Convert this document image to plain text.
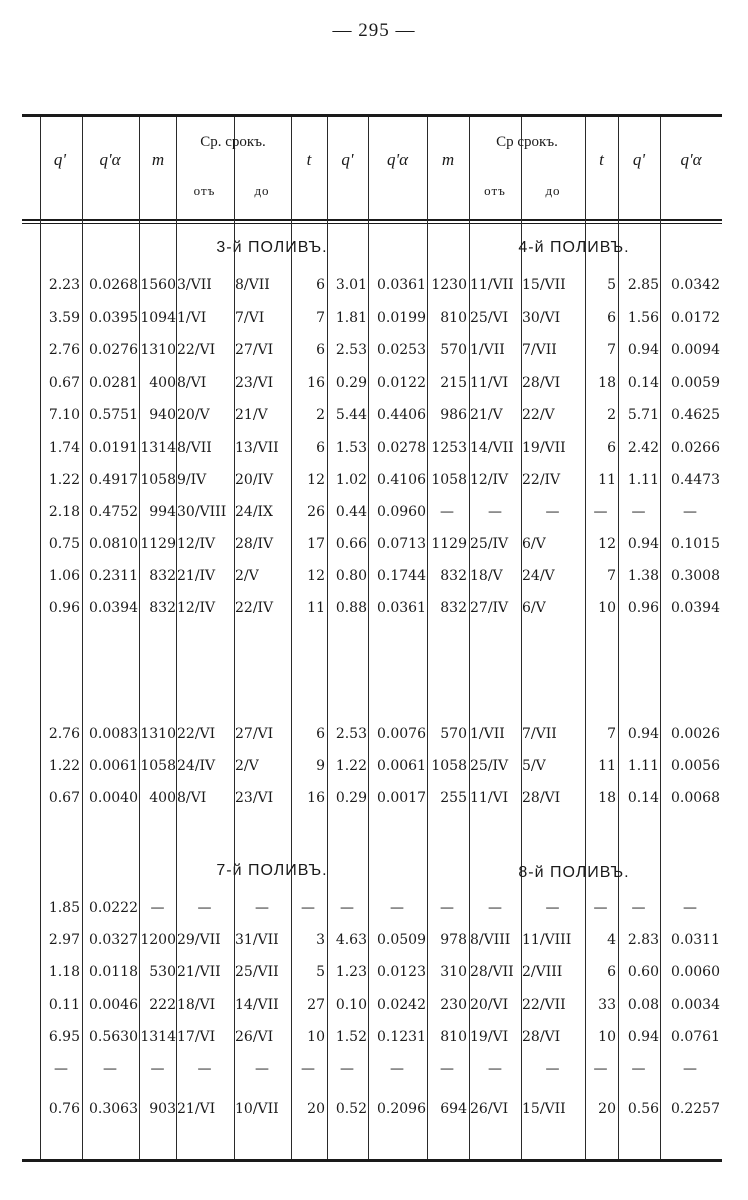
— 295 —
q'	q'α	m
Ср. срокъ.
отъ	до
t	q'	q'α	m
Ср срокъ.
отъ	до
t	q'	q'α
3-й ПОЛИВЪ.	4-й ПОЛИВЪ.
7-й ПОЛИВЪ.	8-й ПОЛИВЪ.
2.23 0.0268 1560 3/VII	8/VII	6 3.01 0.0361 1230 11/VII 15/VII	5 2.85 0.0342
3.59 0.0395 1094 1/VI	7/VI	7 1.81 0.0199	810 25/VI 30/VI	6 1.56 0.0172
2.76 0.0276 1310 22/VI	27/VI	6 2.53 0.0253	570 1/VII	7/VII	7 0.94 0.0094
0.67 0.0281 400 8/VI	23/VI	16 0.29 0.0122	215 11/VI 28/VI	18 0.14 0.0059
7.10 0.5751 940 20/V	21/V	2 5.44 0.4406	986 21/V	22/V	2 5.71 0.4625
1.74 0.0191 1314 8/VII	13/VII	6 1.53 0.0278 1253 14/VII 19/VII	6 2.42 0.0266
1.22 0.4917 1058 9/IV	20/IV	12 1.02 0.4106 1058 12/IV 22/IV	11 1.11 0.4473
2.18 0.4752 994 30/VIII 24/IX	26 0.44 0.0960	—	—	—	—	—	—
0.75 0.0810 1129 12/IV	28/IV	17 0.66 0.0713 1129 25/IV 6/V	12 0.94 0.1015
1.06 0.2311 832 21/IV	2/V	12 0.80 0.1744	832 18/V	24/V	7 1.38 0.3008
0.96 0.0394 832 12/IV	22/IV	11 0.88 0.0361	832 27/IV 6/V	10 0.96 0.0394
2.76 0.0083 1310 22/VI	27/VI	6 2.53 0.0076	570 1/VII	7/VII	7 0.94 0.0026
1.22 0.0061 1058 24/IV	2/V	9 1.22 0.0061 1058 25/IV 5/V	11 1.11 0.0056
0.67 0.0040 400 8/VI	23/VI	16 0.29 0.0017	255 11/VI 28/VI	18 0.14 0.0068
1.85 0.0222 —	—	—	—	—	—	—	—	—	—	—	—
2.97 0.0327 1200 29/VII	31/VII	3 4.63 0.0509	978 8/VIII 11/VIII	4 2.83 0.0311
1.18 0.0118 530 21/VII	25/VII	5 1.23 0.0123	310 28/VII 2/VIII	6 0.60 0.0060
0.11 0.0046 222 18/VI	14/VII	27 0.10 0.0242	230 20/VI 22/VII	33 0.08 0.0034
6.95 0.5630 1314 17/VI	26/VI	10 1.52 0.1231	810 19/VI 28/VI	10 0.94 0.0761
—	—	—	—	—	—	—	—	—	—	—	—	—	—
0.76 0.3063 903 21/VI	10/VII	20 0.52 0.2096	694 26/VI 15/VII	20 0.56 0.2257
